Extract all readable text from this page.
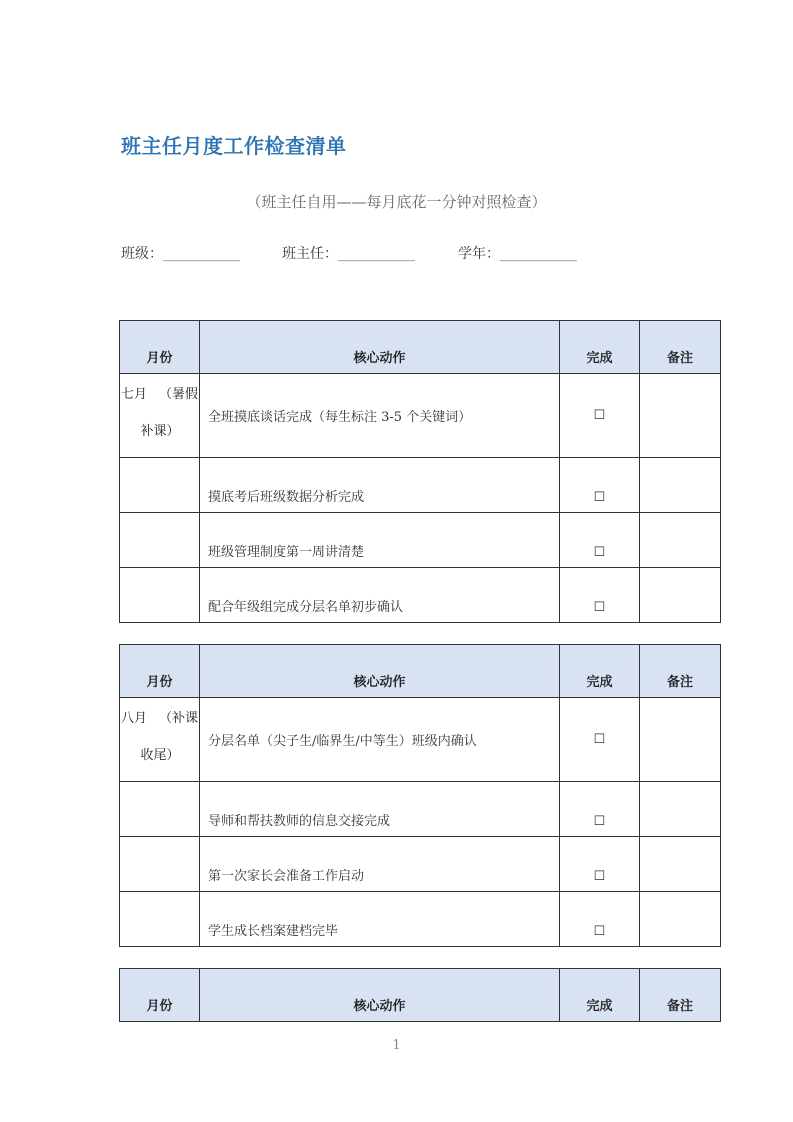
班主任月度工作检查清单
（班主任自用——每月底花一分钟对照检查）
班级：___________	班主任：___________	学年：___________
月份	核心动作	完成	备注

七月 （暑假
补课）	全班摸底谈话完成（每生标注 3-5 个关键词）	☐	
	摸底考后班级数据分析完成	☐	
	班级管理制度第一周讲清楚	☐	
	配合年级组完成分层名单初步确认	☐	
月份	核心动作	完成	备注

八月 （补课
收尾）	分层名单（尖子生/临界生/中等生）班级内确认	☐	
	导师和帮扶教师的信息交接完成	☐	
	第一次家长会准备工作启动	☐	
	学生成长档案建档完毕	☐	
月份	核心动作	完成	备注
1
